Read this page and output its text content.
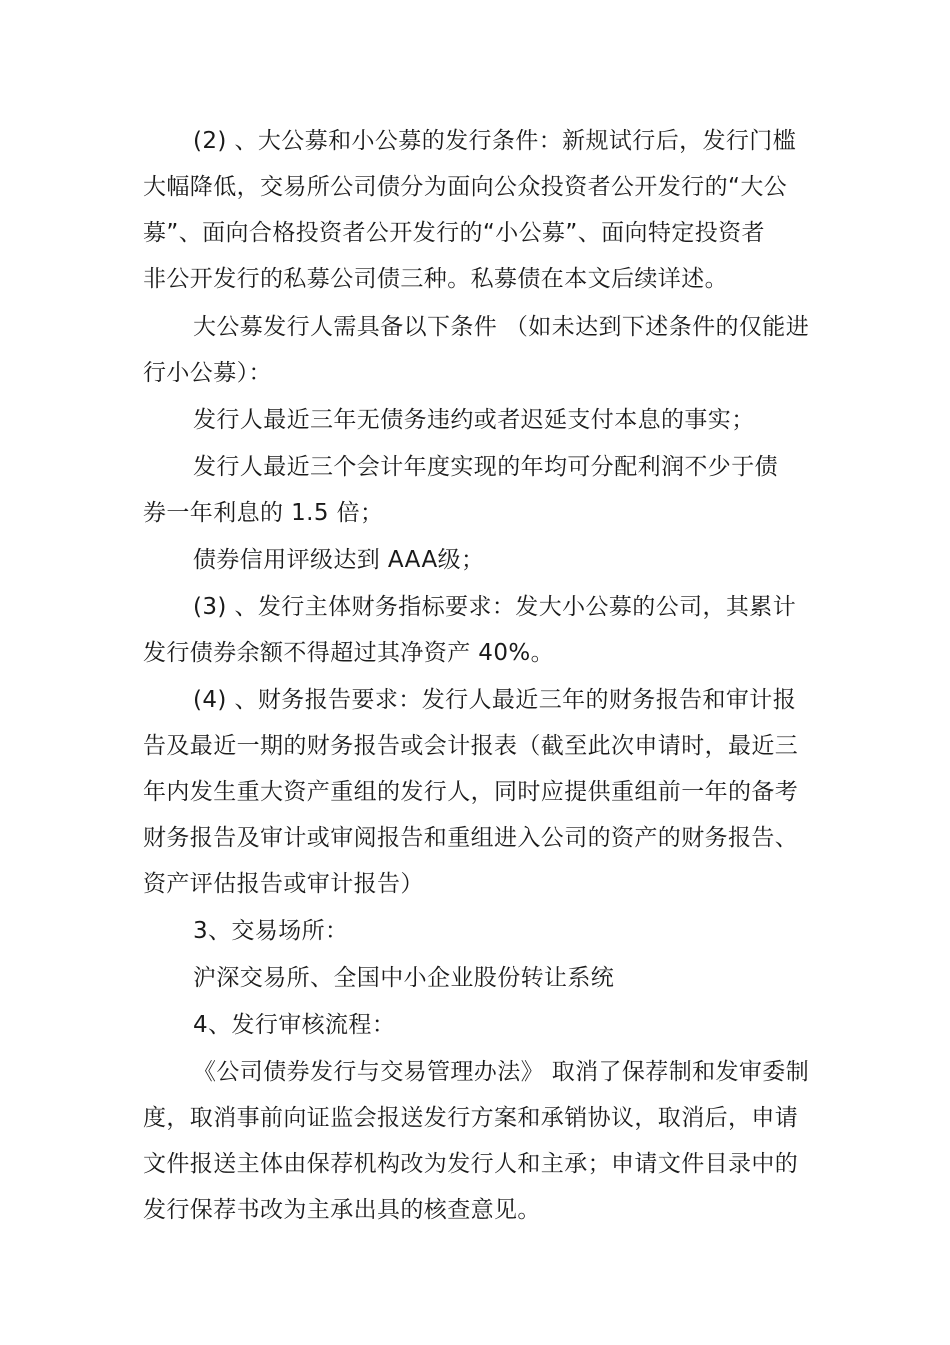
(2) 、大公募和小公募的发行条件：新规试行后，发行门槛
大幅降低，交易所公司债分为面向公众投资者公开发行的“大公
募”、面向合格投资者公开发行的“小公募”、面向特定投资者
非公开发行的私募公司债三种。私募债在本文后续详述。
大公募发行人需具备以下条件 （如未达到下述条件的仅能进
行小公募）：
发行人最近三年无债务违约或者迟延支付本息的事实；
发行人最近三个会计年度实现的年均可分配利润不少于债
券一年利息的 1.5 倍；
债券信用评级达到 AAA级；
(3) 、发行主体财务指标要求：发大小公募的公司，其累计
发行债券余额不得超过其净资产 40%。
(4) 、财务报告要求：发行人最近三年的财务报告和审计报
告及最近一期的财务报告或会计报表（截至此次申请时，最近三
年内发生重大资产重组的发行人，同时应提供重组前一年的备考
财务报告及审计或审阅报告和重组进入公司的资产的财务报告、
资产评估报告或审计报告）
3、交易场所：
沪深交易所、全国中小企业股份转让系统
4、发行审核流程：
《公司债券发行与交易管理办法》 取消了保荐制和发审委制
度，取消事前向证监会报送发行方案和承销协议，取消后，申请
文件报送主体由保荐机构改为发行人和主承；申请文件目录中的
发行保荐书改为主承出具的核查意见。
